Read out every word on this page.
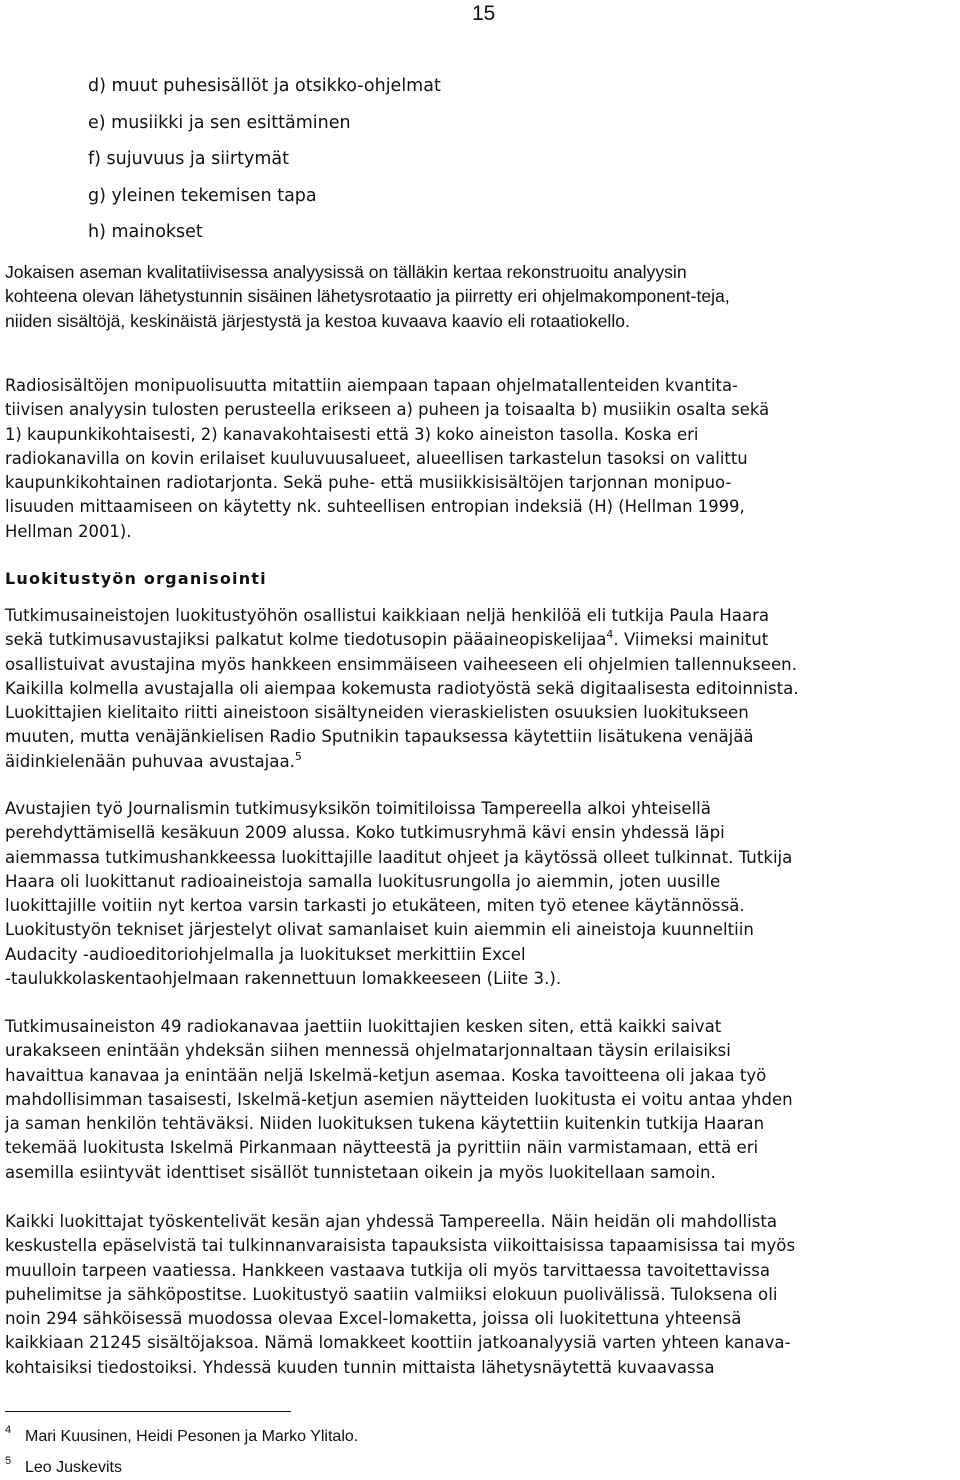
15
d) muut puhesisällöt ja otsikko-ohjelmat
e) musiikki ja sen esittäminen
f) sujuvuus ja siirtymät
g) yleinen tekemisen tapa
h) mainokset

Jokaisen aseman kvalitatiivisessa analyysissä on tälläkin kertaa rekonstruoitu analyysin
kohteena olevan lähetystunnin sisäinen lähetysrotaatio ja piirretty eri ohjelmakomponent-teja,
niiden sisältöjä, keskinäistä järjestystä ja kestoa kuvaava kaavio eli rotaatiokello.

Radiosisältöjen monipuolisuutta mitattiin aiempaan tapaan ohjelmatallenteiden kvantita-
tiivisen analyysin tulosten perusteella erikseen a) puheen ja toisaalta b) musiikin osalta sekä
1) kaupunkikohtaisesti, 2) kanavakohtaisesti että 3) koko aineiston tasolla. Koska eri
radiokanavilla on kovin erilaiset kuuluvuusalueet, alueellisen tarkastelun tasoksi on valittu
kaupunkikohtainen radiotarjonta. Sekä puhe- että musiikkisisältöjen tarjonnan monipuo-
lisuuden mittaamiseen on käytetty nk. suhteellisen entropian indeksiä (H) (Hellman 1999,
Hellman 2001).

Luokitustyön organisointi

Tutkimusaineistojen luokitustyöhön osallistui kaikkiaan neljä henkilöä eli tutkija Paula Haara
sekä tutkimusavustajiksi palkatut kolme tiedotusopin pääaineopiskelijaa$^4$. Viimeksi mainitut
osallistuivat avustajina myös hankkeen ensimmäiseen vaiheeseen eli ohjelmien tallennukseen.
Kaikilla kolmella avustajalla oli aiempaa kokemusta radiotyöstä sekä digitaalisesta editoinnista.
Luokittajien kielitaito riitti aineistoon sisältyneiden vieraskielisten osuuksien luokitukseen
muuten, mutta venäjänkielisen Radio Sputnikin tapauksessa käytettiin lisätukena venäjää
äidinkielenään puhuvaa avustajaa.$^5$

Avustajien työ Journalismin tutkimusyksikön toimitiloissa Tampereella alkoi yhteisellä
perehdyttämisellä kesäkuun 2009 alussa. Koko tutkimusryhmä kävi ensin yhdessä läpi
aiemmassa tutkimushankkeessa luokittajille laaditut ohjeet ja käytössä olleet tulkinnat. Tutkija
Haara oli luokittanut radioaineistoja samalla luokitusrungolla jo aiemmin, joten uusille
luokittajille voitiin nyt kertoa varsin tarkasti jo etukäteen, miten työ etenee käytännössä.
Luokitustyön tekniset järjestelyt olivat samanlaiset kuin aiemmin eli aineistoja kuunneltiin
Audacity -audioeditoriohjelmalla ja luokitukset merkittiin Excel
-taulukkolaskentaohjelmaan rakennettuun lomakkeeseen (Liite 3.).

Tutkimusaineiston 49 radiokanavaa jaettiin luokittajien kesken siten, että kaikki saivat
urakakseen enintään yhdeksän siihen mennessä ohjelmatarjonnaltaan täysin erilaisiksi
havaittua kanavaa ja enintään neljä Iskelmä-ketjun asemaa. Koska tavoitteena oli jakaa työ
mahdollisimman tasaisesti, Iskelmä-ketjun asemien näytteiden luokitusta ei voitu antaa yhden
ja saman henkilön tehtäväksi. Niiden luokituksen tukena käytettiin kuitenkin tutkija Haaran
tekemää luokitusta Iskelmä Pirkanmaan näytteestä ja pyrittiin näin varmistamaan, että eri
asemilla esiintyvät identtiset sisällöt tunnistetaan oikein ja myös luokitellaan samoin.

Kaikki luokittajat työskentelivät kesän ajan yhdessä Tampereella. Näin heidän oli mahdollista
keskustella epäselvistä tai tulkinnanvaraisista tapauksista viikoittaisissa tapaamisissa tai myös
muulloin tarpeen vaatiessa. Hankkeen vastaava tutkija oli myös tarvittaessa tavoitettavissa
puhelimitse ja sähköpostitse. Luokitustyö saatiin valmiiksi elokuun puolivälissä. Tuloksena oli
noin 294 sähköisessä muodossa olevaa Excel-lomaketta, joissa oli luokitettuna yhteensä
kaikkiaan 21245 sisältöjaksoa. Nämä lomakkeet koottiin jatkoanalyysiä varten yhteen kanava-
kohtaisiksi tiedostoiksi. Yhdessä kuuden tunnin mittaista lähetysnäytettä kuvaavassa

4 Mari Kuusinen, Heidi Pesonen ja Marko Ylitalo.
5 Leo Juskevits
